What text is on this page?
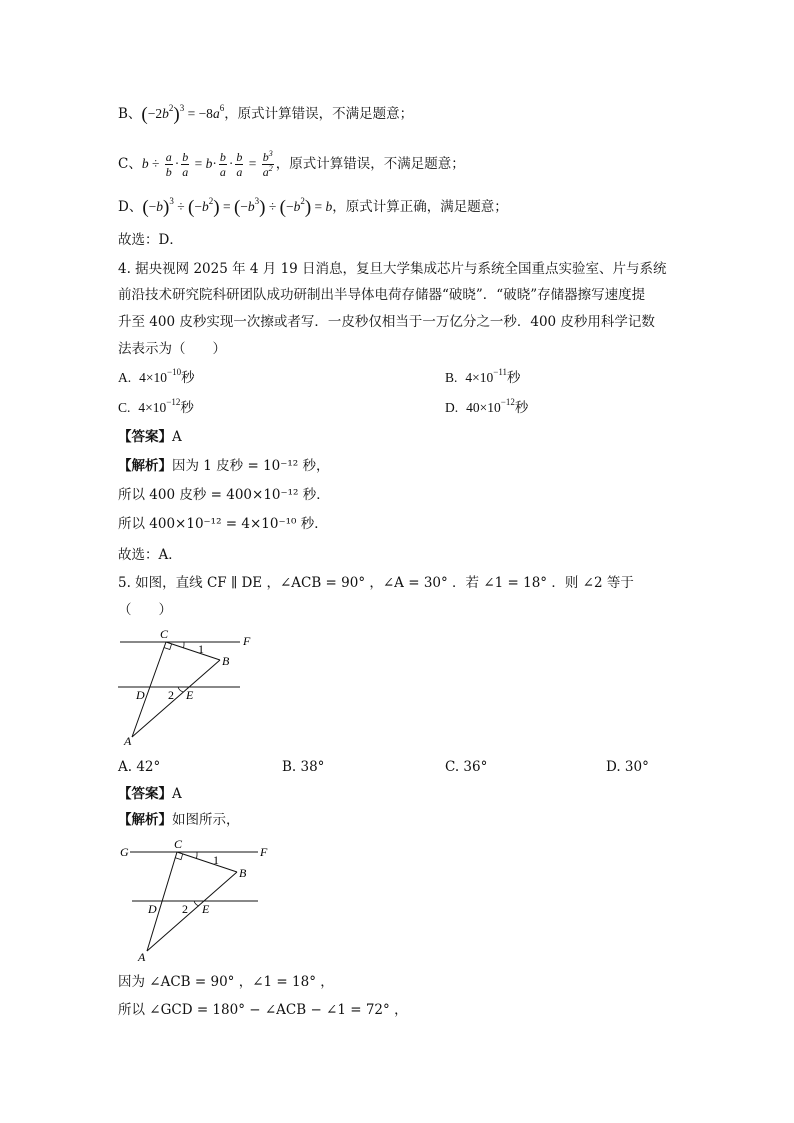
B、$(-2b^2)^3 = -8a^6$，原式计算错误，不满足题意；
C、$b \div \frac{a}{b} \cdot \frac{b}{a} = b\cdot \frac{b}{a} \cdot \frac{b}{a} = \frac{b^3}{a^2}$ ，原式计算错误，不满足题意；
D、$(-b)^3 \div (-b^2) = (-b^3) \div (-b^2) = b$，原式计算正确，满足题意；
故选：D．
4. 据央视网 2025 年 4 月 19 日消息，复旦大学集成芯片与系统全国重点实验室、片与系统
前沿技术研究院科研团队成功研制出半导体电荷存储器“破晓”．“破晓”存储器擦写速度提
升至 400 皮秒实现一次擦或者写．一皮秒仅相当于一万亿分之一秒．400 皮秒用科学记数
法表示为（　　）
A. $4\times 10^{-10}$秒	B. $4\times 10^{-11}$秒
C. $4\times 10^{-12}$秒	D. $40\times 10^{-12}$秒
【答案】A
【解析】因为 1 皮秒 = 10⁻¹² 秒，
所以 400 皮秒 = 400×10⁻¹² 秒．
所以 400×10⁻¹² = 4×10⁻¹⁰ 秒．
故选：A．
5. 如图，直线 CF ∥ DE ，∠ACB = 90° ，∠A = 30° ．若 ∠1 = 18° ．则 ∠2 等于
（　　）
C	F
1
B
D 2 E
A
A. 42°	B. 38°	C. 36°	D. 30°
【答案】A
【解析】如图所示，
G
C
F
1
B
D 2 E
A
因为 ∠ACB = 90° ，∠1 = 18° ，
所以 ∠GCD = 180° − ∠ACB − ∠1 = 72° ，
